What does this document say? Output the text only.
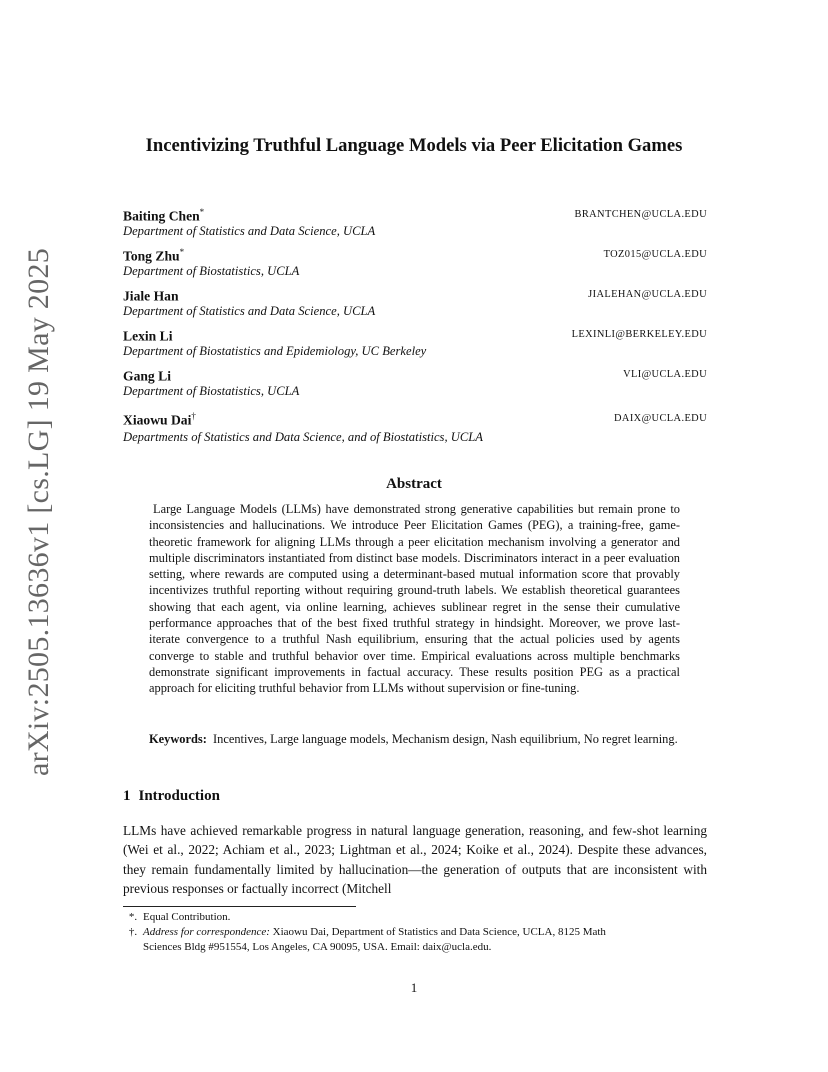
arXiv:2505.13636v1 [cs.LG] 19 May 2025
Incentivizing Truthful Language Models via Peer Elicitation Games
Baiting Chen*	BRANTCHEN@UCLA.EDU
Department of Statistics and Data Science, UCLA
Tong Zhu*	TOZ015@UCLA.EDU
Department of Biostatistics, UCLA
Jiale Han	JIALEHAN@UCLA.EDU
Department of Statistics and Data Science, UCLA
Lexin Li	LEXINLI@BERKELEY.EDU
Department of Biostatistics and Epidemiology, UC Berkeley
Gang Li	VLI@UCLA.EDU
Department of Biostatistics, UCLA
Xiaowu Dai†	DAIX@UCLA.EDU
Departments of Statistics and Data Science, and of Biostatistics, UCLA
Abstract
Large Language Models (LLMs) have demonstrated strong generative capabilities but remain prone to inconsistencies and hallucinations. We introduce Peer Elicitation Games (PEG), a training-free, game-theoretic framework for aligning LLMs through a peer elicitation mechanism involving a generator and multiple discriminators instantiated from distinct base models. Discriminators interact in a peer evaluation setting, where rewards are computed using a determinant-based mutual information score that provably incentivizes truthful reporting without requiring ground-truth labels. We establish theoretical guarantees showing that each agent, via online learning, achieves sublinear regret in the sense their cumulative performance approaches that of the best fixed truthful strategy in hindsight. Moreover, we prove last-iterate convergence to a truthful Nash equilibrium, ensuring that the actual policies used by agents converge to stable and truthful behavior over time. Empirical evaluations across multiple benchmarks demonstrate significant improvements in factual accuracy. These results position PEG as a practical approach for eliciting truthful behavior from LLMs without supervision or fine-tuning.
Keywords: Incentives, Large language models, Mechanism design, Nash equilibrium, No regret learning.
1 Introduction
LLMs have achieved remarkable progress in natural language generation, reasoning, and few-shot learning (Wei et al., 2022; Achiam et al., 2023; Lightman et al., 2024; Koike et al., 2024). Despite these advances, they remain fundamentally limited by hallucination—the generation of outputs that are inconsistent with previous responses or factually incorrect (Mitchell
*. Equal Contribution.
†. Address for correspondence: Xiaowu Dai, Department of Statistics and Data Science, UCLA, 8125 Math
Sciences Bldg #951554, Los Angeles, CA 90095, USA. Email: daix@ucla.edu.
1
